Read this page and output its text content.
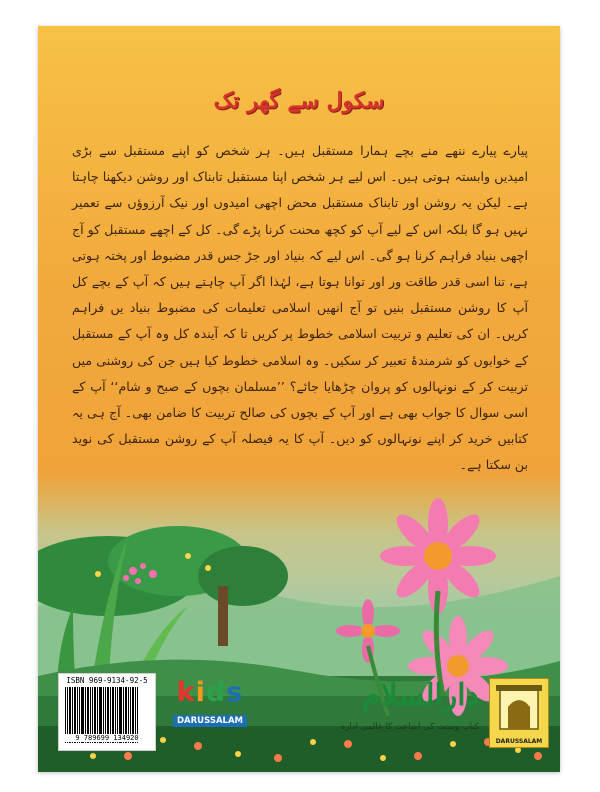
سکول سے گھر تک

پیارے پیارے ننھے منے بچے ہمارا مستقبل ہیں۔ ہر شخص کو اپنے مستقبل سے بڑی امیدیں وابستہ ہوتی ہیں۔ اس لیے ہر شخص اپنا مستقبل تابناک اور روشن دیکھنا چاہتا ہے۔ لیکن یہ روشن اور تابناک مستقبل محض اچھی امیدوں اور نیک آرزوؤں سے تعمیر نہیں ہو گا بلکہ اس کے لیے آپ کو کچھ محنت کرنا پڑے گی۔ کل کے اچھے مستقبل کو آج اچھی بنیاد فراہم کرنا ہو گی۔ اس لیے کہ بنیاد اور جڑ جس قدر مضبوط اور پختہ ہوتی ہے، تنا اسی قدر طاقت ور اور توانا ہوتا ہے، لہٰذا اگر آپ چاہتے ہیں کہ آپ کے بچے کل آپ کا روشن مستقبل بنیں تو آج انھیں اسلامی تعلیمات کی مضبوط بنیاد یں فراہم کریں۔ ان کی تعلیم و تربیت اسلامی خطوط پر کریں تا کہ آیندہ کل وہ آپ کے مستقبل کے خوابوں کو شرمندۂ تعبیر کر سکیں۔ وہ اسلامی خطوط کیا ہیں جن کی روشنی میں تربیت کر کے نونہالوں کو پروان چڑھایا جائے؟ ’’مسلمان بچوں کے صبح و شام‘‘ آپ کے اسی سوال کا جواب بھی ہے اور آپ کے بچوں کی صالح تربیت کا ضامن بھی۔ آج ہی یہ کتابیں خرید کر اپنے نونہالوں کو دیں۔ آپ کا یہ فیصلہ آپ کے روشن مستقبل کی نوید بن سکتا ہے۔

ISBN 969-9134-92-5
9 789699 134920
kids
DARUSSALAM
دارالسلام
کتاب وسنت کی اشاعت کا عالمی ادارہ
DARUSSALAM
